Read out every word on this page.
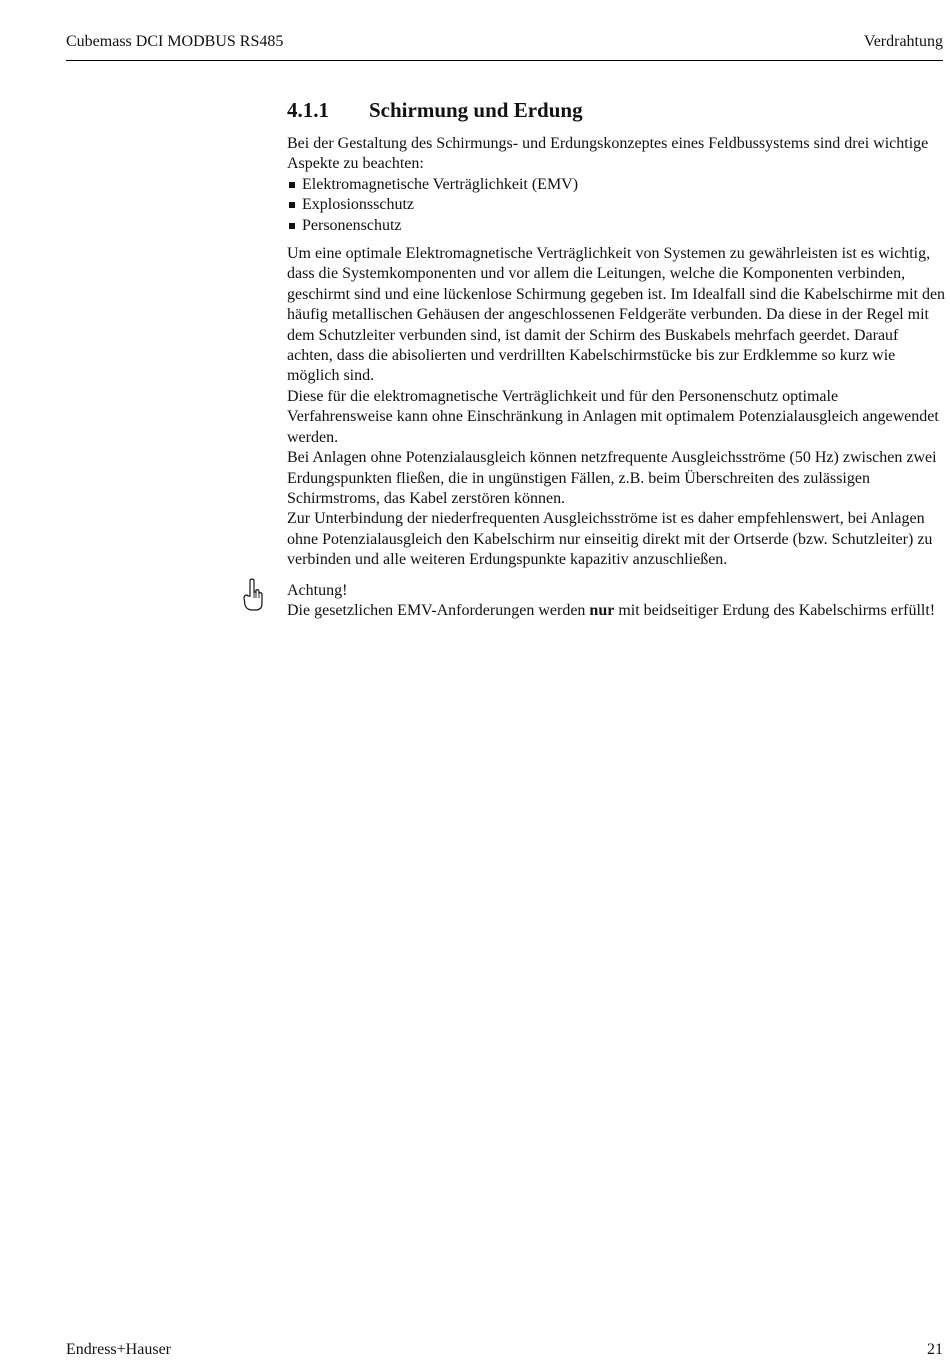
Cubemass DCI MODBUS RS485	Verdrahtung
4.1.1 Schirmung und Erdung

Bei der Gestaltung des Schirmungs- und Erdungskonzeptes eines Feldbussystems sind drei wichtige Aspekte zu beachten:

Elektromagnetische Verträglichkeit (EMV)
Explosionsschutz
Personenschutz

Um eine optimale Elektromagnetische Verträglichkeit von Systemen zu gewährleisten ist es wichtig, dass die Systemkomponenten und vor allem die Leitungen, welche die Komponenten verbinden, geschirmt sind und eine lückenlose Schirmung gegeben ist. Im Idealfall sind die Kabelschirme mit den häufig metallischen Gehäusen der angeschlossenen Feldgeräte verbunden. Da diese in der Regel mit dem Schutzleiter verbunden sind, ist damit der Schirm des Buskabels mehrfach geerdet. Darauf achten, dass die abisolierten und verdrillten Kabelschirmstücke bis zur Erdklemme so kurz wie möglich sind.

Diese für die elektromagnetische Verträglichkeit und für den Personenschutz optimale Verfahrensweise kann ohne Einschränkung in Anlagen mit optimalem Potenzialausgleich angewendet werden.

Bei Anlagen ohne Potenzialausgleich können netzfrequente Ausgleichsströme (50 Hz) zwischen zwei Erdungspunkten fließen, die in ungünstigen Fällen, z.B. beim Überschreiten des zulässigen Schirmstroms, das Kabel zerstören können.

Zur Unterbindung der niederfrequenten Ausgleichsströme ist es daher empfehlenswert, bei Anlagen ohne Potenzialausgleich den Kabelschirm nur einseitig direkt mit der Ortserde (bzw. Schutzleiter) zu verbinden und alle weiteren Erdungspunkte kapazitiv anzuschließen.

Achtung!

Die gesetzlichen EMV-Anforderungen werden nur mit beidseitiger Erdung des Kabelschirms erfüllt!

Endress+Hauser	21
